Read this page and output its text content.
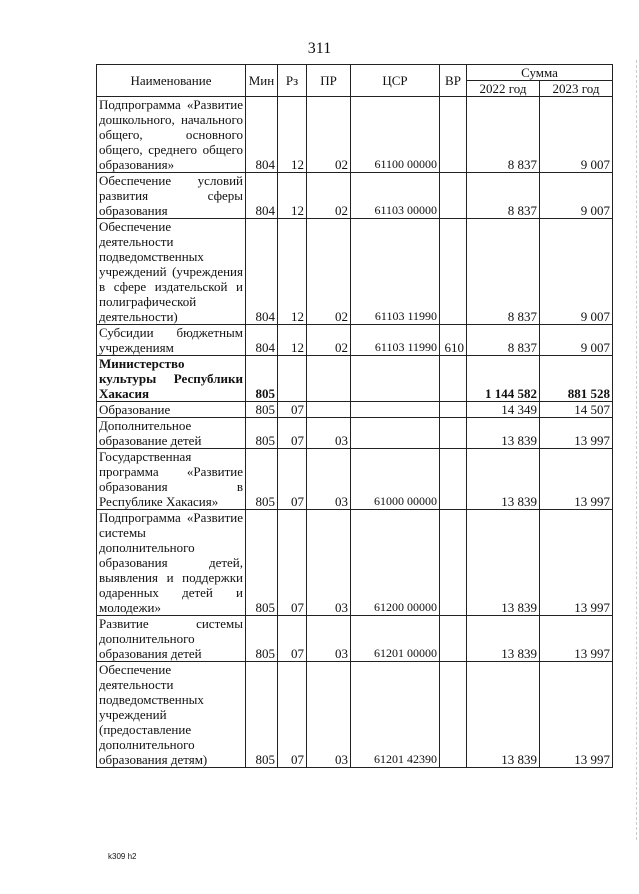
311
Наименование	Мин	Рз	ПР	ЦСР	ВР	Сумма	
						2022 год	2023 год
Подпрограмма «Развитие дошкольного, начального общего, основного общего, среднего общего образования»	804	12	02	61100 00000		8 837	9 007
Обеспечение условий развития сферы образования	804	12	02	61103 00000		8 837	9 007
Обеспечение деятельности подведомственных учреждений (учреждения в сфере издательской и полиграфической деятельности)	804	12	02	61103 11990		8 837	9 007
Субсидии бюджетным учреждениям	804	12	02	61103 11990	610	8 837	9 007
Министерство культуры Республики Хакасия	805					1 144 582	881 528
Образование	805	07				14 349	14 507
Дополнительное образование детей	805	07	03			13 839	13 997
Государственная программа «Развитие образования в Республике Хакасия»	805	07	03	61000 00000		13 839	13 997
Подпрограмма «Развитие системы дополнительного образования детей, выявления и поддержки одаренных детей и молодежи»	805	07	03	61200 00000		13 839	13 997
Развитие системы дополнительного образования детей	805	07	03	61201 00000		13 839	13 997
Обеспечение деятельности подведомственных учреждений (предоставление дополнительного образования детям)	805	07	03	61201 42390		13 839	13 997
k309 h2
